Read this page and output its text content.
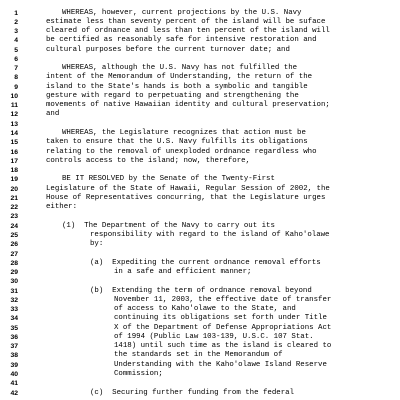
1	WHEREAS, however, current projections by the U.S. Navy
2	estimate less than seventy percent of the island will be suface
3	cleared of ordnance and less than ten percent of the island will
4	be certified as reasonably safe for intensive restoration and
5	cultural purposes before the current turnover date; and
6
7	WHEREAS, although the U.S. Navy has not fulfilled the
8	intent of the Memorandum of Understanding, the return of the
9	island to the State's hands is both a symbolic and tangible
10	gesture with regard to perpetuating and strengthening the
11	movements of native Hawaiian identity and cultural preservation;
12	and
13
14	WHEREAS, the Legislature recognizes that action must be
15	taken to ensure that the U.S. Navy fulfills its obligations
16	relating to the removal of unexploded ordnance regardless who
17	controls access to the island; now, therefore,
18
19	BE IT RESOLVED by the Senate of the Twenty-First
20	Legislature of the State of Hawaii, Regular Session of 2002, the
21	House of Representatives concurring, that the Legislature urges
22	either:
23
24	(1)  The Department of the Navy to carry out its
25	responsibility with regard to the island of Kaho'olawe
26	by:
27
28	(a)  Expediting the current ordnance removal efforts
29	in a safe and efficient manner;
30
31	(b)  Extending the term of ordnance removal beyond
32	November 11, 2003, the effective date of transfer
33	of access to Kaho'olawe to the State, and
34	continuing its obligations set forth under Title
35	X of the Department of Defense Appropriations Act
36	of 1994 (Public Law 103-139, U.S.C. 107 Stat.
37	1418) until such time as the island is cleared to
38	the standards set in the Memorandum of
39	Understanding with the Kaho'olawe Island Reserve
40	Commission;
41
42	(c)  Securing further funding from the federal
